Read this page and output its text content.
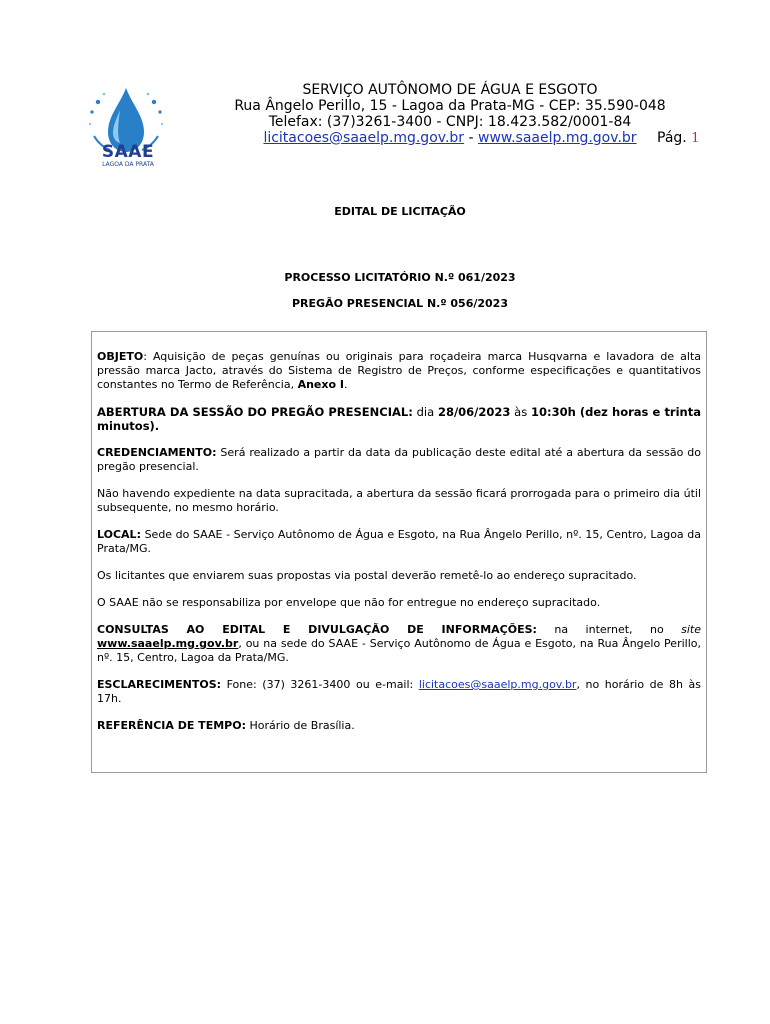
SAAE
LAGOA DA PRATA
SERVIÇO AUTÔNOMO DE ÁGUA E ESGOTO
Rua Ângelo Perillo, 15 - Lagoa da Prata-MG - CEP: 35.590-048
Telefax: (37)3261-3400 - CNPJ: 18.423.582/0001-84
licitacoes@saaelp.mg.gov.br - www.saaelp.mg.gov.br	Pág. 1
EDITAL DE LICITAÇÃO
PROCESSO LICITATÓRIO N.º 061/2023
PREGÃO PRESENCIAL N.º 056/2023

OBJETO: Aquisição de peças genuínas ou originais para roçadeira marca Husqvarna e lavadora de alta pressão marca Jacto, através do Sistema de Registro de Preços, conforme especificações e quantitativos constantes no Termo de Referência, Anexo I.

ABERTURA DA SESSÃO DO PREGÃO PRESENCIAL: dia 28/06/2023 às 10:30h (dez horas e trinta minutos).

CREDENCIAMENTO: Será realizado a partir da data da publicação deste edital até a abertura da sessão do pregão presencial.

Não havendo expediente na data supracitada, a abertura da sessão ficará prorrogada para o primeiro dia útil subsequente, no mesmo horário.

LOCAL: Sede do SAAE - Serviço Autônomo de Água e Esgoto, na Rua Ângelo Perillo, nº. 15, Centro, Lagoa da Prata/MG.

Os licitantes que enviarem suas propostas via postal deverão remetê-lo ao endereço supracitado.

O SAAE não se responsabiliza por envelope que não for entregue no endereço supracitado.

CONSULTAS AO EDITAL E DIVULGAÇÃO DE INFORMAÇÕES: na internet, no site www.saaelp.mg.gov.br, ou na sede do SAAE - Serviço Autônomo de Água e Esgoto, na Rua Ângelo Perillo, nº. 15, Centro, Lagoa da Prata/MG.

ESCLARECIMENTOS: Fone: (37) 3261-3400 ou e-mail: licitacoes@saaelp.mg.gov.br, no horário de 8h às 17h.

REFERÊNCIA DE TEMPO: Horário de Brasília.
